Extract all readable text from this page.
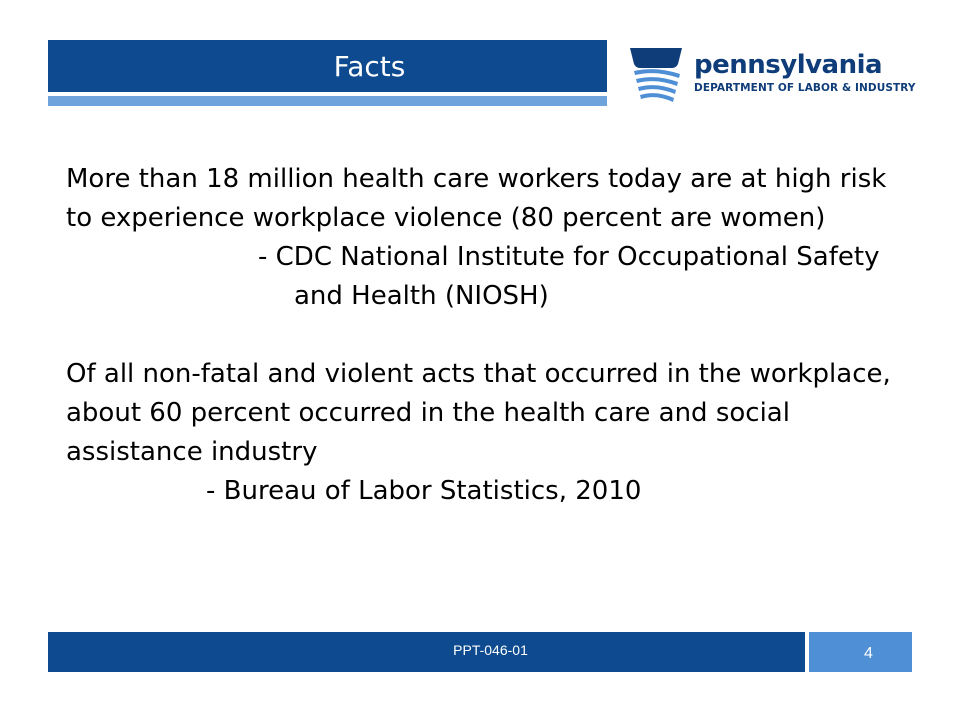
Facts	pennsylvania
DEPARTMENT OF LABOR & INDUSTRY

More than 18 million health care workers today are at high risk to experience workplace violence (80 percent are women)

- CDC National Institute for Occupational Safety and Health (NIOSH)

Of all non-fatal and violent acts that occurred in the workplace, about 60 percent occurred in the health care and social assistance industry

- Bureau of Labor Statistics, 2010

PPT-046-01	4
